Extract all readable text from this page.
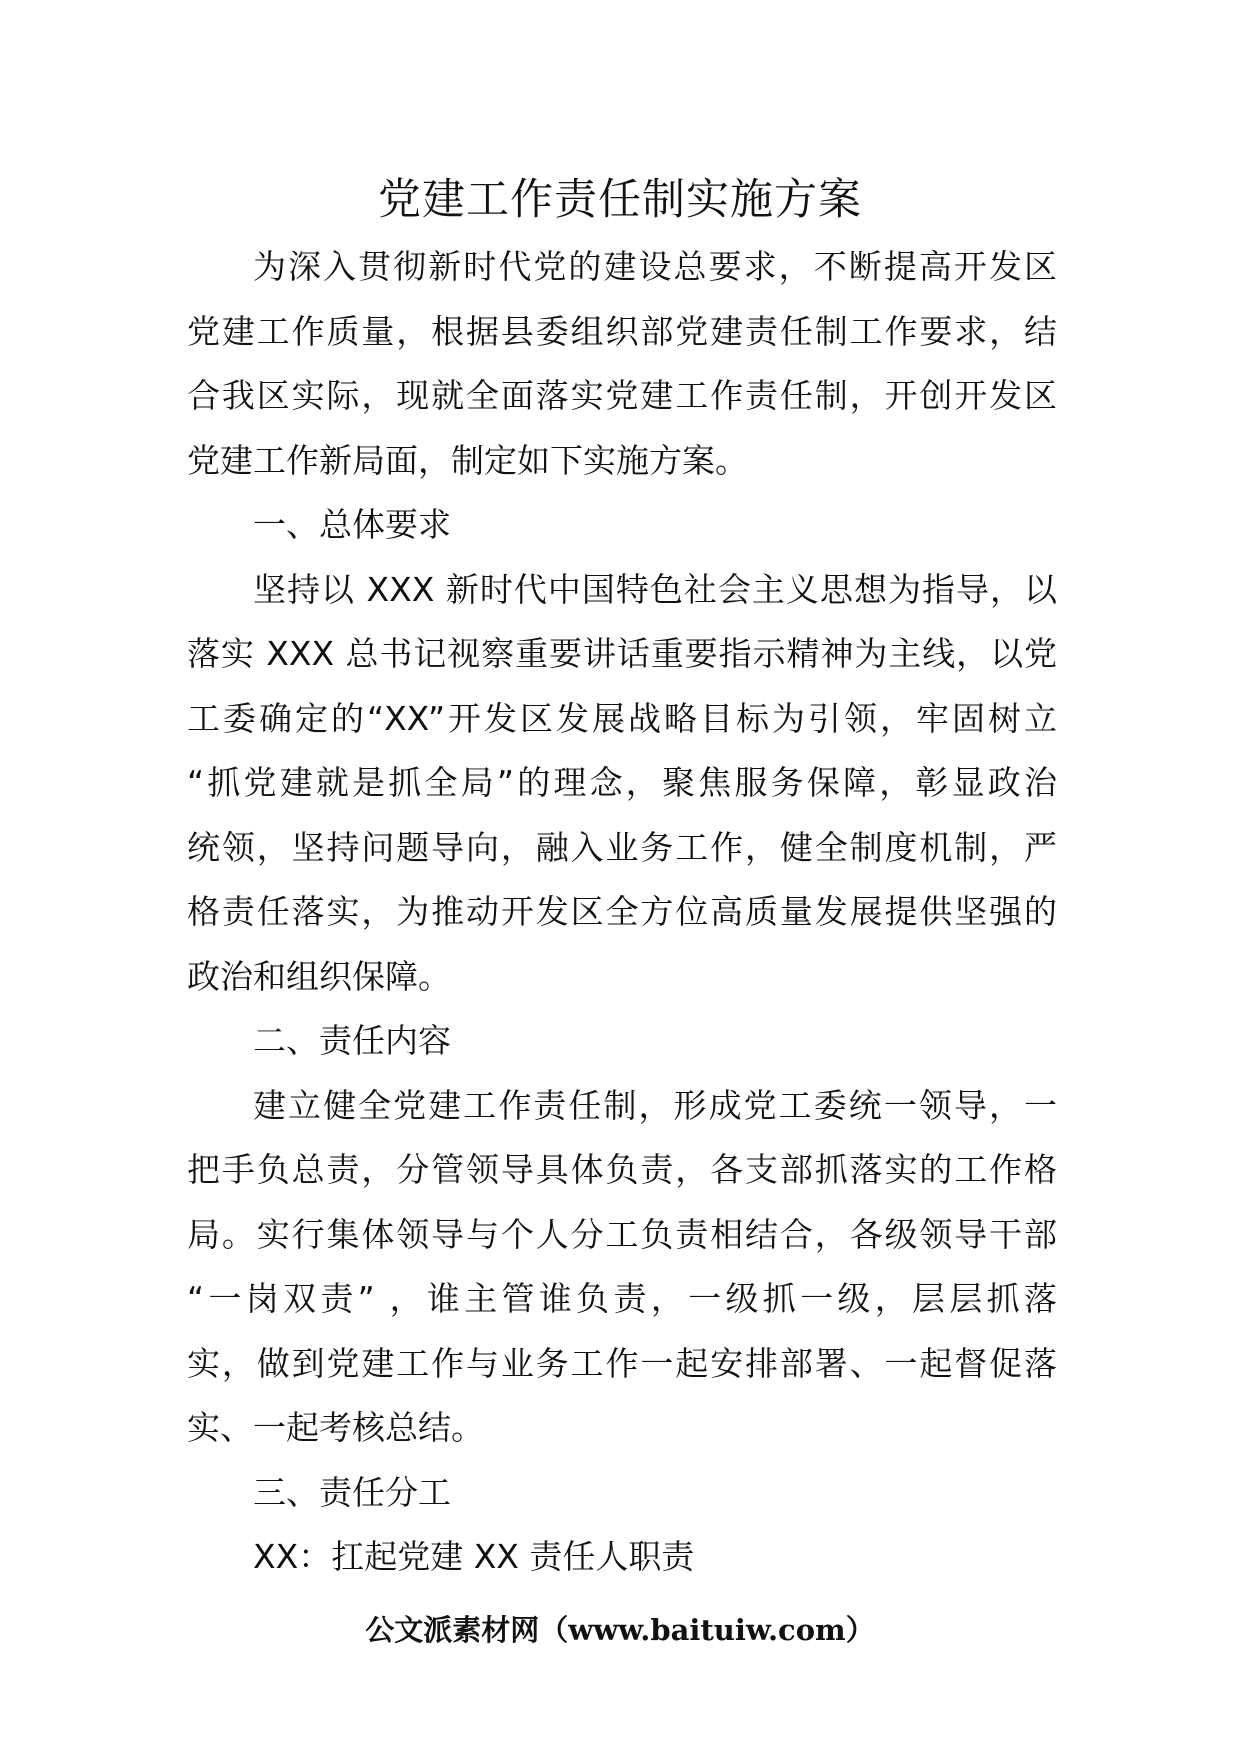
党建工作责任制实施方案
为深入贯彻新时代党的建设总要求，不断提高开发区
党建工作质量，根据县委组织部党建责任制工作要求，结
合我区实际，现就全面落实党建工作责任制，开创开发区
党建工作新局面，制定如下实施方案。
一、总体要求
坚持以 XXX 新时代中国特色社会主义思想为指导，以
落实 XXX 总书记视察重要讲话重要指示精神为主线，以党
工委确定的“XX”开发区发展战略目标为引领，牢固树立
“抓党建就是抓全局”的理念，聚焦服务保障，彰显政治
统领，坚持问题导向，融入业务工作，健全制度机制，严
格责任落实，为推动开发区全方位高质量发展提供坚强的
政治和组织保障。
二、责任内容
建立健全党建工作责任制，形成党工委统一领导，一
把手负总责，分管领导具体负责，各支部抓落实的工作格
局。实行集体领导与个人分工负责相结合，各级领导干部
“一岗双责” ，谁主管谁负责，一级抓一级，层层抓落
实，做到党建工作与业务工作一起安排部署、一起督促落
实、一起考核总结。
三、责任分工
XX：扛起党建 XX 责任人职责
公文派素材网（www.baituiw.com）
